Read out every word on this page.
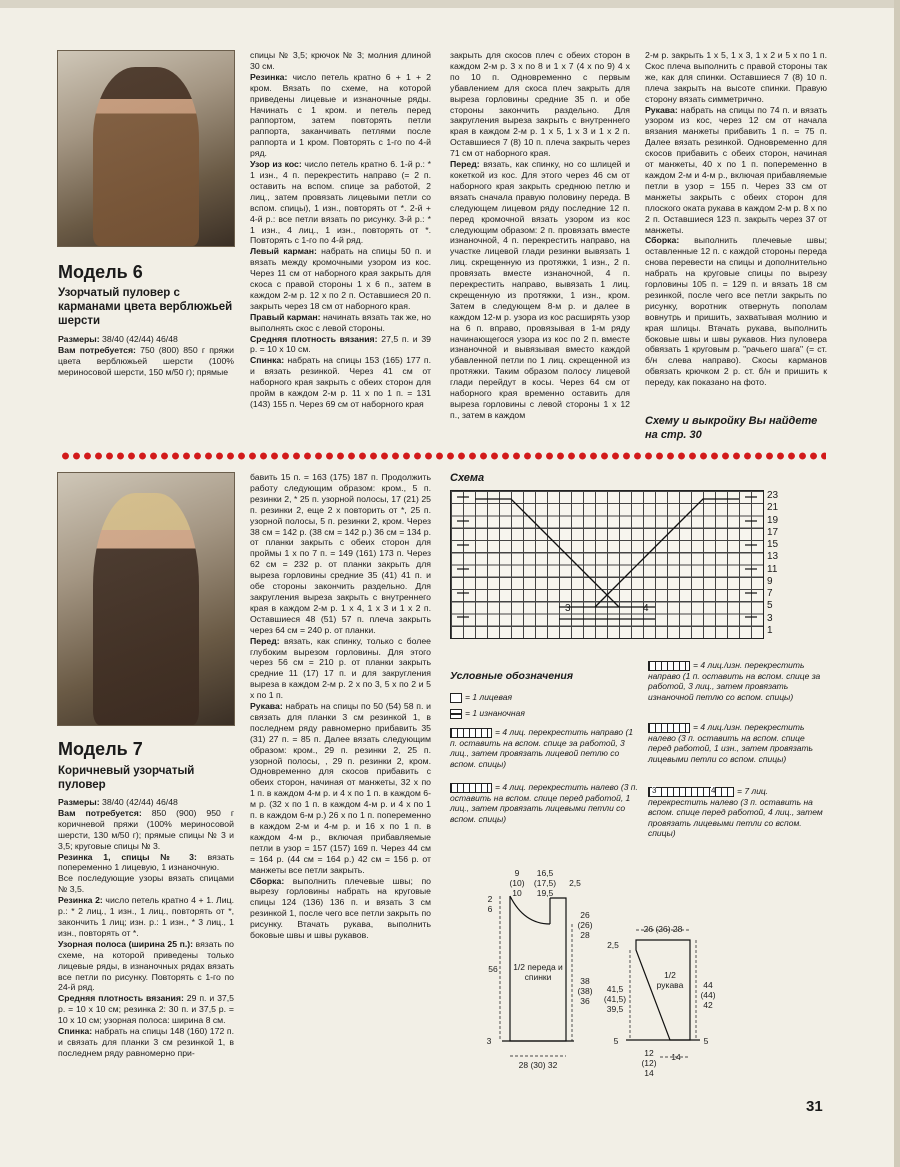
Модель 6
Узорчатый пуловер с карманами цвета верблюжьей шерсти

Размеры: 38/40 (42/44) 46/48

Вам потребуется: 750 (800) 850 г пряжи цвета верблюжьей шерсти (100% мериносовой шерсти, 150 м/50 г); прямые

спицы № 3,5; крючок № 3; молния длиной 30 см.

Резинка: число петель кратно 6 + 1 + 2 кром. Вязать по схеме, на которой приведены лицевые и изнаночные ряды. Начинать с 1 кром. и петель перед раппортом, затем повторять петли раппорта, заканчивать петлями после раппорта и 1 кром. Повторять с 1-го по 4-й ряд.

Узор из кос: число петель кратно 6. 1-й р.: * 1 изн., 4 п. перекрестить направо (= 2 п. оставить на вспом. спице за работой, 2 лиц., затем провязать лицевыми петли со вспом. спицы), 1 изн., повторять от *. 2-й + 4-й р.: все петли вязать по рисунку. 3-й р.: * 1 изн., 4 лиц., 1 изн., повторять от *. Повторять с 1-го по 4-й ряд.

Левый карман: набрать на спицы 50 п. и вязать между кромочными узором из кос. Через 11 см от наборного края закрыть для скоса с правой стороны 1 х 6 п., затем в каждом 2-м р. 12 х по 2 п. Оставшиеся 20 п. закрыть через 18 см от наборного края.

Правый карман: начинать вязать так же, но выполнять скос с левой стороны.

Средняя плотность вязания: 27,5 п. и 39 р. = 10 х 10 см.

Спинка: набрать на спицы 153 (165) 177 п. и вязать резинкой. Через 41 см от наборного края закрыть с обеих сторон для пройм в каждом 2-м р. 11 х по 1 п. = 131 (143) 155 п. Через 69 см от наборного края

закрыть для скосов плеч с обеих сторон в каждом 2-м р. 3 х по 8 и 1 х 7 (4 х по 9) 4 х по 10 п. Одновременно с первым убавлением для скоса плеч закрыть для выреза горловины средние 35 п. и обе стороны закончить раздельно. Для закругления выреза закрыть с внутреннего края в каждом 2-м р. 1 х 5, 1 х 3 и 1 х 2 п. Оставшиеся 7 (8) 10 п. плеча закрыть через 71 см от наборного края.

Перед: вязать, как спинку, но со шлицей и кокеткой из кос. Для этого через 46 см от наборного края закрыть среднюю петлю и вязать сначала правую половину переда. В следующем лицевом ряду последние 12 п. перед кромочной вязать узором из кос следующим образом: 2 п. провязать вместе изнаночной, 4 п. перекрестить направо, на участке лицевой глади резинки вывязать 1 лиц. скрещенную из протяжки, 1 изн., 2 п. провязать вместе изнаночной, 4 п. перекрестить направо, вывязать 1 лиц. скрещенную из протяжки, 1 изн., кром. Затем в следующем 8-м р. и далее в каждом 12-м р. узора из кос расширять узор на 6 п. вправо, провязывая в 1-м ряду начинающегося узора из кос по 2 п. вместе изнаночной и вывязывая вместо каждой убавленной петли по 1 лиц. скрещенной из протяжки. Таким образом полосу лицевой глади перейдут в косы. Через 64 см от наборного края временно оставить для выреза горловины с левой стороны 1 х 12 п., затем в каждом

2-м р. закрыть 1 х 5, 1 х 3, 1 х 2 и 5 х по 1 п. Скос плеча выполнить с правой стороны так же, как для спинки. Оставшиеся 7 (8) 10 п. плеча закрыть на высоте спинки. Правую сторону вязать симметрично.

Рукава: набрать на спицы по 74 п. и вязать узором из кос, через 12 см от начала вязания манжеты прибавить 1 п. = 75 п. Далее вязать резинкой. Одновременно для скосов прибавить с обеих сторон, начиная от манжеты, 40 х по 1 п. попеременно в каждом 2-м и 4-м р., включая прибавляемые петли в узор = 155 п. Через 33 см от манжеты закрыть с обеих сторон для плоского оката рукава в каждом 2-м р. 8 х по 2 п. Оставшиеся 123 п. закрыть через 37 от манжеты.

Сборка: выполнить плечевые швы; оставленные 12 п. с каждой стороны переда снова перевести на спицы и дополнительно набрать на круговые спицы по вырезу горловины 105 п. = 129 п. и вязать 18 см резинкой, после чего все петли закрыть по рисунку, воротник отвернуть пополам вовнутрь и пришить, захватывая молнию и края шлицы. Втачать рукава, выполнить боковые швы и швы рукавов. Низ пуловера обвязать 1 круговым р. "рачьего шага" (= ст. б/н слева направо). Скосы карманов обвязать крючком 2 р. ст. б/н и пришить к переду, как показано на фото.

Схему и выкройку Вы найдете на стр. 30
Модель 7
Коричневый узорчатый пуловер

Размеры: 38/40 (42/44) 46/48

Вам потребуется: 850 (900) 950 г коричневой пряжи (100% мериносовой шерсти, 130 м/50 г); прямые спицы № 3 и 3,5; круговые спицы № 3.

Резинка 1, спицы № 3: вязать попеременно 1 лицевую, 1 изнаночную.

Все последующие узоры вязать спицами № 3,5.

Резинка 2: число петель кратно 4 + 1. Лиц. р.: * 2 лиц., 1 изн., 1 лиц., повторять от *, закончить 1 лиц; изн. р.: 1 изн., * 3 лиц., 1 изн., повторять от *.

Узорная полоса (ширина 25 п.): вязать по схеме, на которой приведены только лицевые ряды, в изнаночных рядах вязать все петли по рисунку. Повторять с 1-го по 24-й ряд.

Средняя плотность вязания: 29 п. и 37,5 р. = 10 х 10 см; резинка 2: 30 п. и 37,5 р. = 10 х 10 см; узорная полоса: ширина 8 см.

Спинка: набрать на спицы 148 (160) 172 п. и связать для планки 3 см резинкой 1, в последнем ряду равномерно при-

бавить 15 п. = 163 (175) 187 п. Продолжить работу следующим образом: кром., 5 п. резинки 2, * 25 п. узорной полосы, 17 (21) 25 п. резинки 2, еще 2 х повторить от *, 25 п. узорной полосы, 5 п. резинки 2, кром. Через 38 см = 142 р. (38 см = 142 р.) 36 см = 134 р. от планки закрыть с обеих сторон для проймы 1 х по 7 п. = 149 (161) 173 п. Через 62 см = 232 р. от планки закрыть для выреза горловины средние 35 (41) 41 п. и обе стороны закончить раздельно. Для закругления выреза закрыть с внутреннего края в каждом 2-м р. 1 х 4, 1 х 3 и 1 х 2 п. Оставшиеся 48 (51) 57 п. плеча закрыть через 64 см = 240 р. от планки.

Перед: вязать, как спинку, только с более глубоким вырезом горловины. Для этого через 56 см = 210 р. от планки закрыть средние 11 (17) 17 п. и для закругления выреза в каждом 2-м р. 2 х по 3, 5 х по 2 и 5 х по 1 п.

Рукава: набрать на спицы по 50 (54) 58 п. и связать для планки 3 см резинкой 1, в последнем ряду равномерно прибавить 35 (31) 27 п. = 85 п. Далее вязать следующим образом: кром., 29 п. резинки 2, 25 п. узорной полосы, , 29 п. резинки 2, кром. Одновременно для скосов прибавить с обеих сторон, начиная от манжеты, 32 х по 1 п. в каждом 4-м р. и 4 х по 1 п. в каждом 6-м р. (32 х по 1 п. в каждом 4-м р. и 4 х по 1 п. в каждом 6-м р.) 26 х по 1 п. попеременно в каждом 2-м и 4-м р. и 16 х по 1 п. в каждом 4-м р., включая прибавляемые петли в узор = 157 (157) 169 п. Через 44 см = 164 р. (44 см = 164 р.) 42 см = 156 р. от манжеты все петли закрыть.

Сборка: выполнить плечевые швы; по вырезу горловины набрать на круговые спицы 124 (136) 136 п. и вязать 3 см резинкой 1, после чего все петли закрыть по рисунку. Втачать рукава, выполнить боковые швы и швы рукавов.

Схема
3	4
23
21
19
17
15
13
11
9
7
5
3
1
Условные обозначения
= 1 лицевая
= 1 изнаночная
= 4 лиц. перекрестить направо (1 п. оставить на вспом. спице за работой, 3 лиц., затем провязать лицевой петлю со вспом. спицы)
= 4 лиц. перекрестить налево (3 п. оставить на вспом. спице перед работой, 1 лиц., затем провязать лицевыми петли со вспом. спицы)
= 4 лиц./изн. перекрестить направо (1 п. оставить на вспом. спице за работой, 3 лиц., затем провязать изнаночной петлю со вспом. спицы)
= 4 лиц./изн. перекрестить налево (3 п. оставить на вспом. спице перед работой, 1 изн., затем провязать лицевыми петли со вспом. спицы)
3	4	= 7 лиц. перекрестить налево (3 п. оставить на вспом. спице перед работой, 4 лиц., затем провязать лицевыми петли со вспом. спицы)
9
(10)
10
16,5
(17,5)
19,5
2,5
2
6
56
26
(26)
28
38
(38)
36
1/2 переда и спинки
3
28 (30) 32
26 (26) 28
2,5
41,5
(41,5)
39,5
44
(44)
42
1/2 рукава
5	5
12
(12)
14
14
31
